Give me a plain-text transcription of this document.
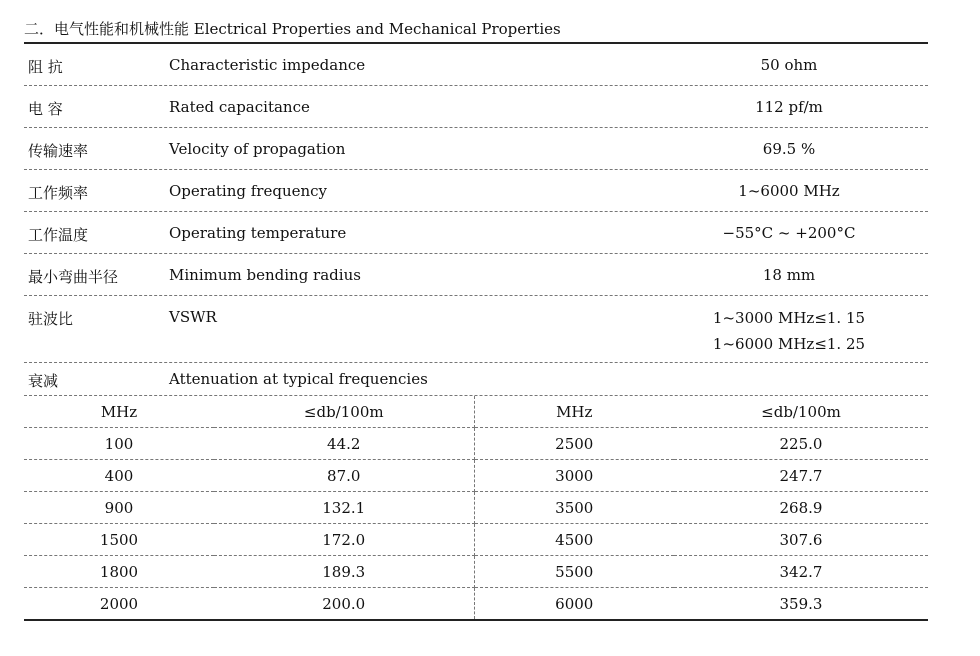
二．电气性能和机械性能 Electrical Properties and Mechanical Properties
阻 抗	Characteristic impedance	50 ohm
电 容	Rated capacitance	112 pf/m
传输速率	Velocity of propagation	69.5 %
工作频率	Operating frequency	1~6000 MHz
工作温度	Operating temperature	−55°C ~ +200°C
最小弯曲半径	Minimum bending radius	18 mm
驻波比	VSWR	1~3000 MHz≤1. 15
1~6000 MHz≤1. 25
衰减	Attenuation at typical frequencies
MHz	≤db/100m	MHz	≤db/100m
100	44.2	2500	225.0
400	87.0	3000	247.7
900	132.1	3500	268.9
1500	172.0	4500	307.6
1800	189.3	5500	342.7
2000	200.0	6000	359.3
